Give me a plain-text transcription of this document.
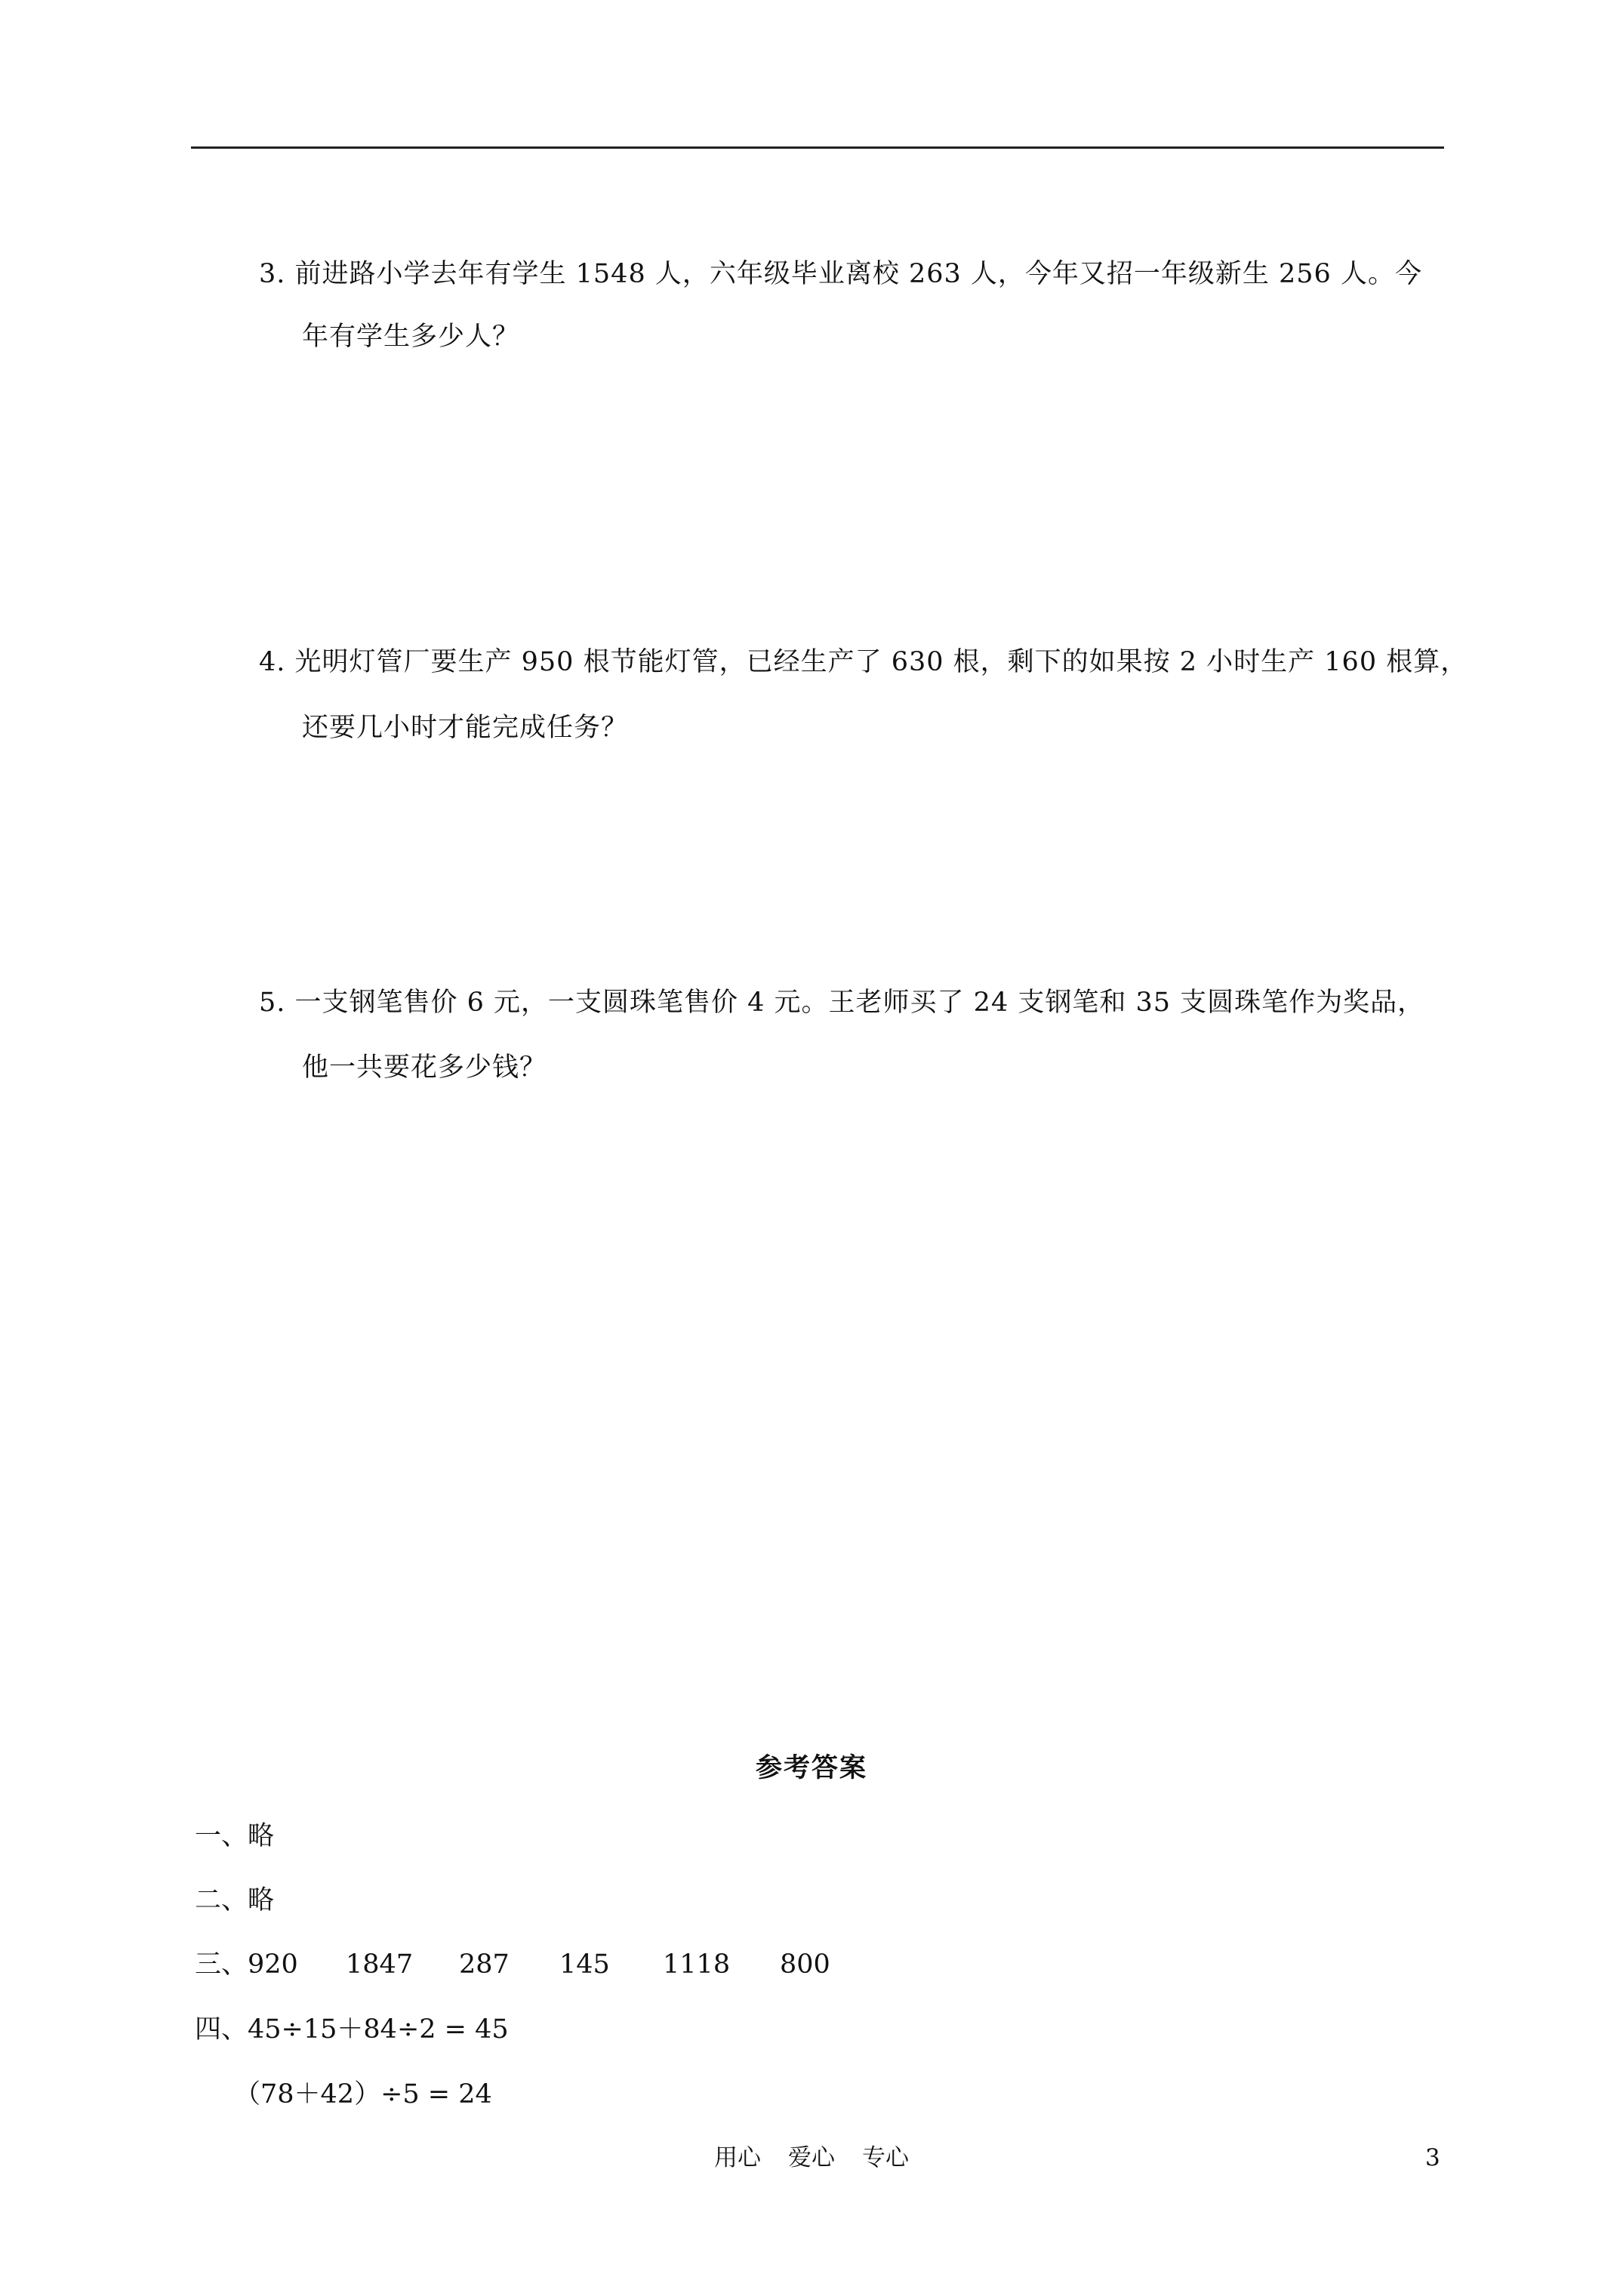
3. 前进路小学去年有学生 1548 人，六年级毕业离校 263 人，今年又招一年级新生 256 人。今
年有学生多少人？
4. 光明灯管厂要生产 950 根节能灯管，已经生产了 630 根，剩下的如果按 2 小时生产 160 根算，
还要几小时才能完成任务？
5. 一支钢笔售价 6 元，一支圆珠笔售价 4 元。王老师买了 24 支钢笔和 35 支圆珠笔作为奖品，
他一共要花多少钱？
参考答案
一、略
二、略
三、920 1847 287 145 1118 800
四、45÷15＋84÷2 = 45
（78＋42）÷5 = 24
用心 爱心 专心	3
